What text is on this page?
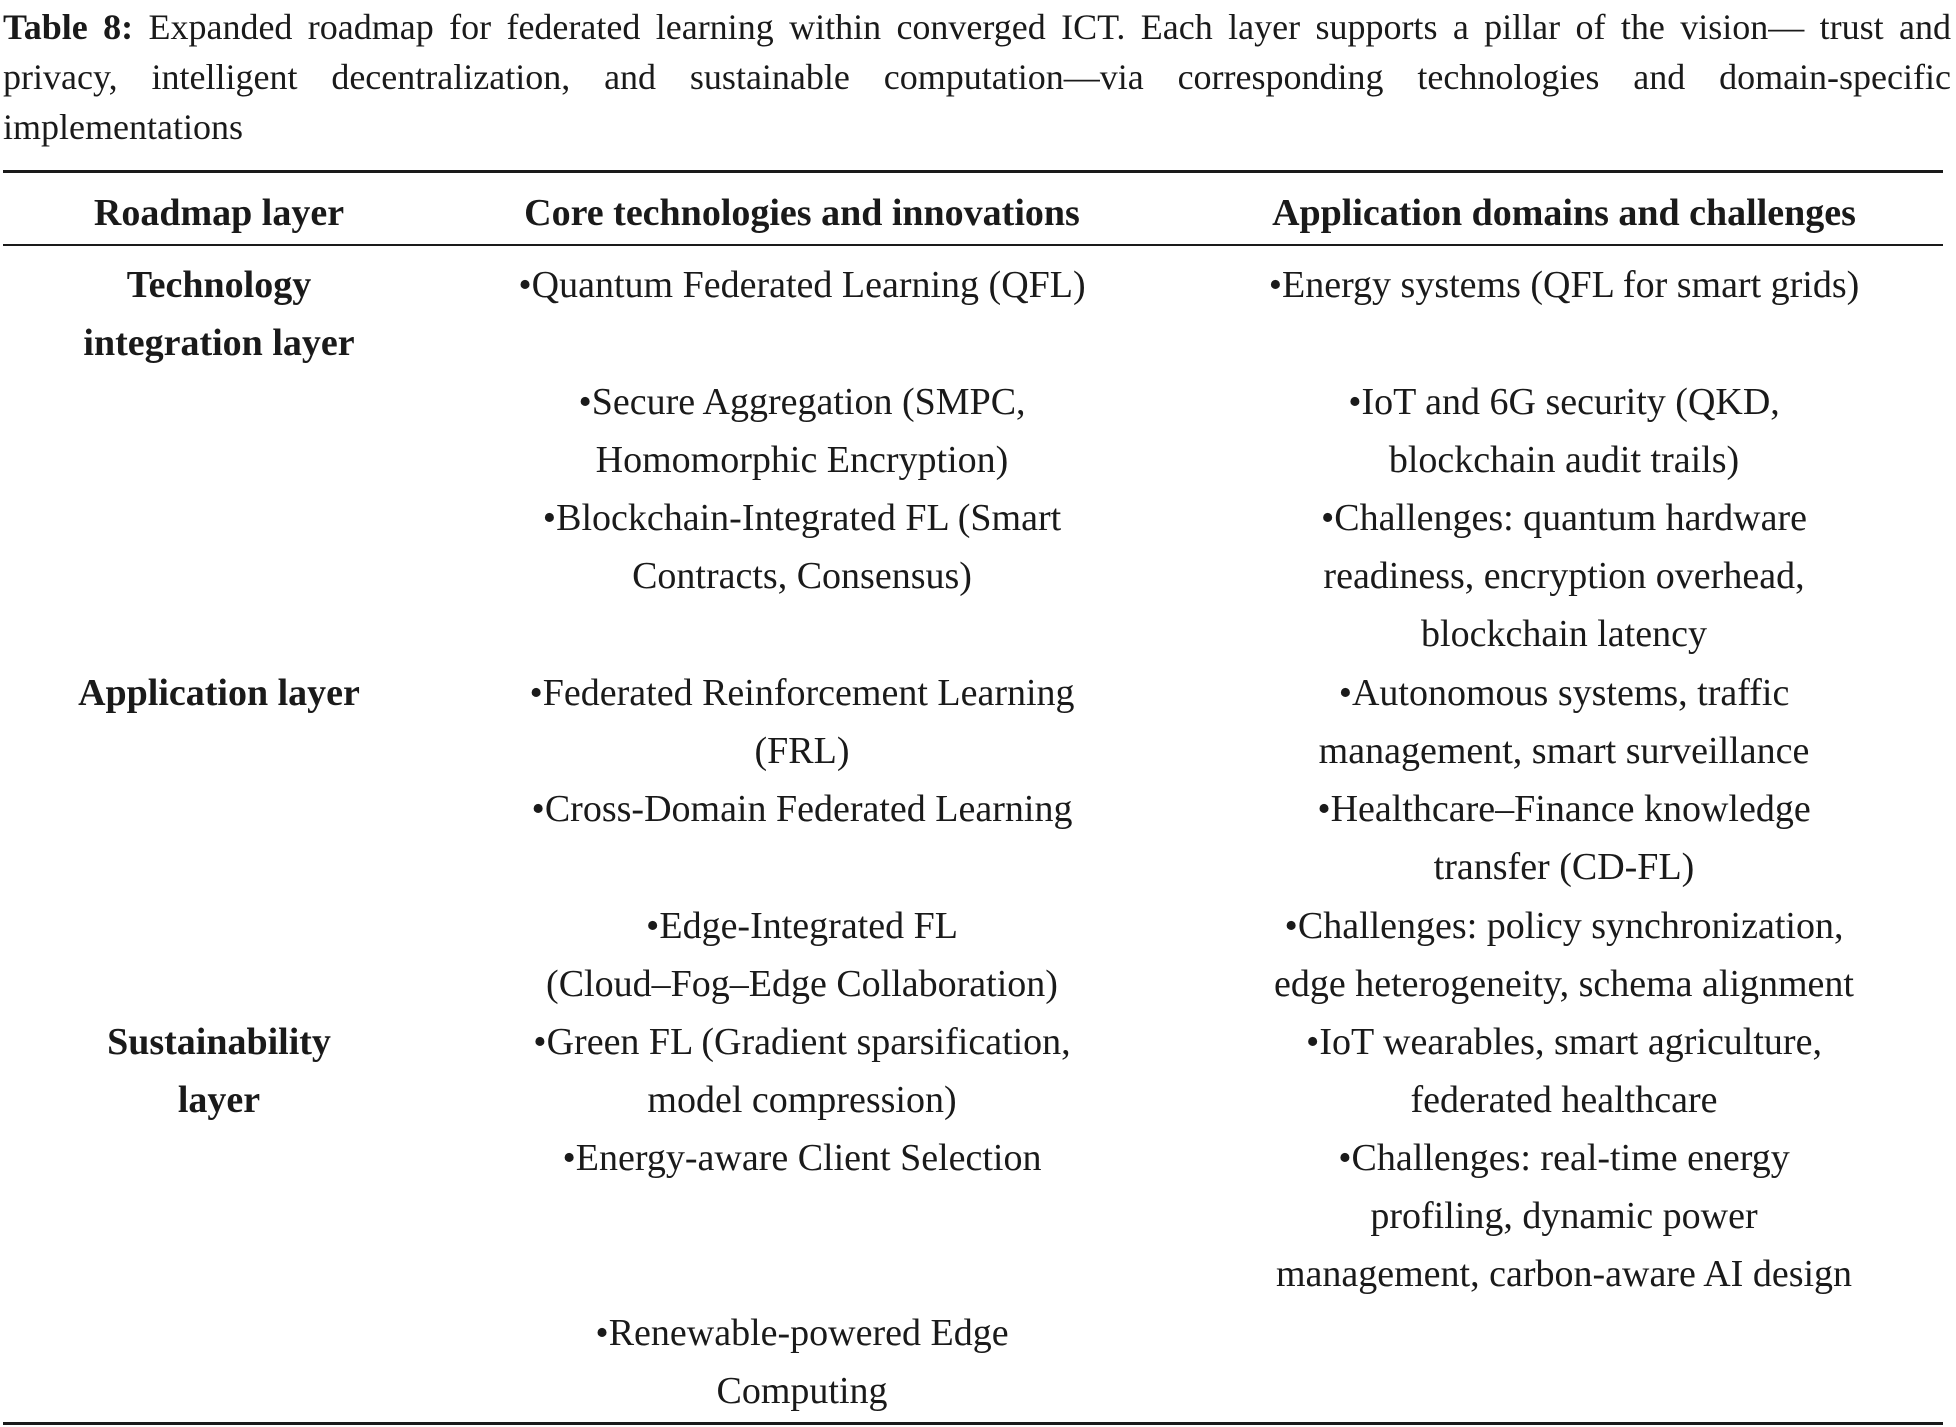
Table 8: Expanded roadmap for federated learning within converged ICT. Each layer supports a pillar of the vision— trust and privacy, intelligent decentralization, and sustainable computation—via corresponding technologies and domain-specific implementations
Roadmap layer	Core technologies and innovations	Application domains and challenges
Technology
integration layer
Application layer
Sustainability
layer
•Quantum Federated Learning (QFL)
•Secure Aggregation (SMPC,
Homomorphic Encryption)
•Blockchain-Integrated FL (Smart
Contracts, Consensus)
•Federated Reinforcement Learning
(FRL)
•Cross-Domain Federated Learning
•Edge-Integrated FL
(Cloud–Fog–Edge Collaboration)
•Green FL (Gradient sparsification,
model compression)
•Energy-aware Client Selection
•Renewable-powered Edge
Computing
•Energy systems (QFL for smart grids)
•IoT and 6G security (QKD,
blockchain audit trails)
•Challenges: quantum hardware
readiness, encryption overhead,
blockchain latency
•Autonomous systems, traffic
management, smart surveillance
•Healthcare–Finance knowledge
transfer (CD-FL)
•Challenges: policy synchronization,
edge heterogeneity, schema alignment
•IoT wearables, smart agriculture,
federated healthcare
•Challenges: real-time energy
profiling, dynamic power
management, carbon-aware AI design
